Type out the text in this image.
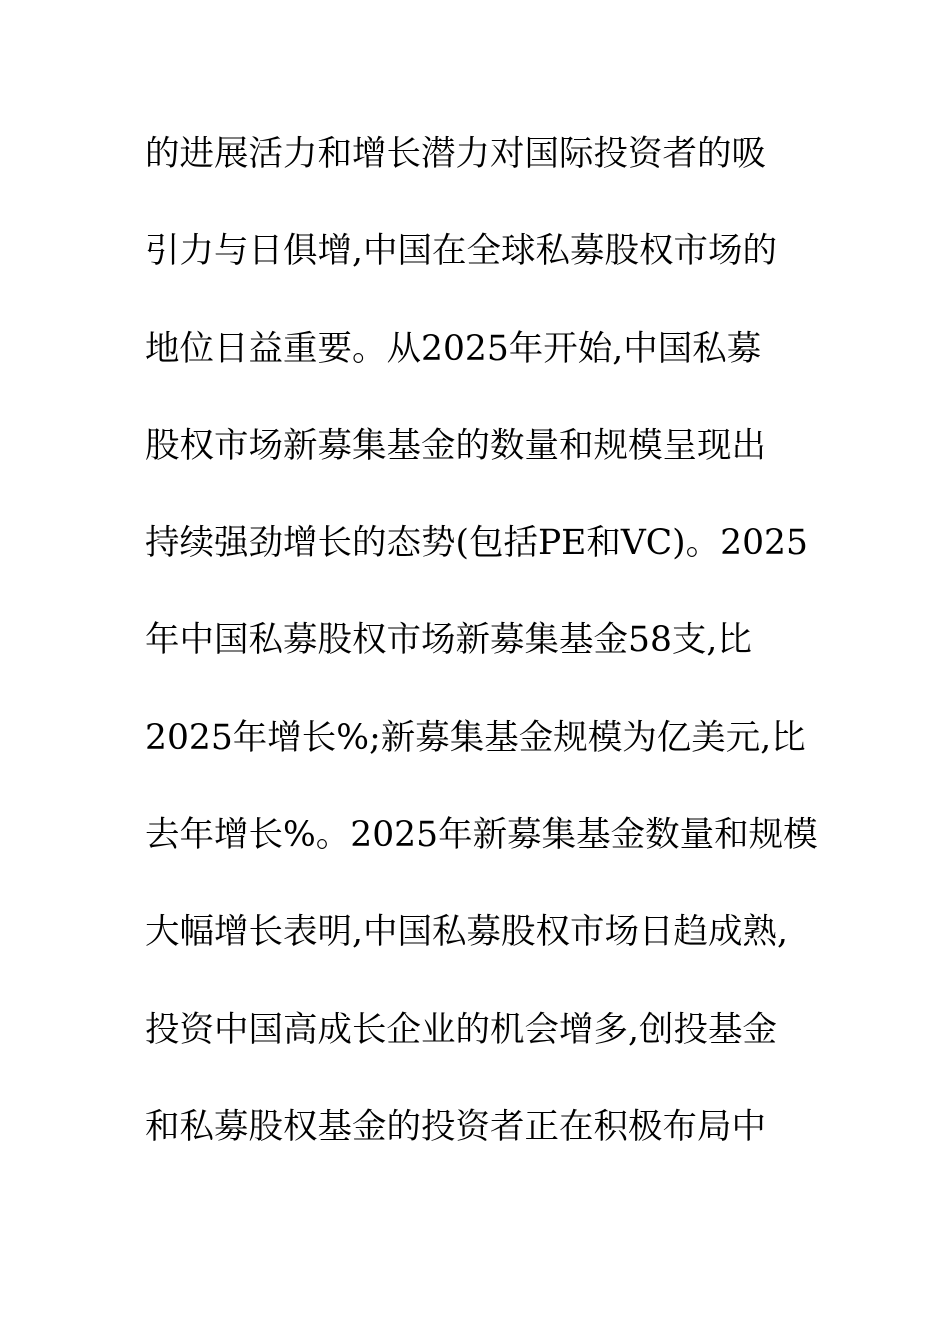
的进展活力和增长潜力对国际投资者的吸
引力与日俱增,中国在全球私募股权市场的
地位日益重要。从2025年开始,中国私募
股权市场新募集基金的数量和规模呈现出
持续强劲增长的态势(包括PE和VC)。2025
年中国私募股权市场新募集基金58支,比
2025年增长%;新募集基金规模为亿美元,比
去年增长%。2025年新募集基金数量和规模
大幅增长表明,中国私募股权市场日趋成熟,
投资中国高成长企业的机会增多,创投基金
和私募股权基金的投资者正在积极布局中
